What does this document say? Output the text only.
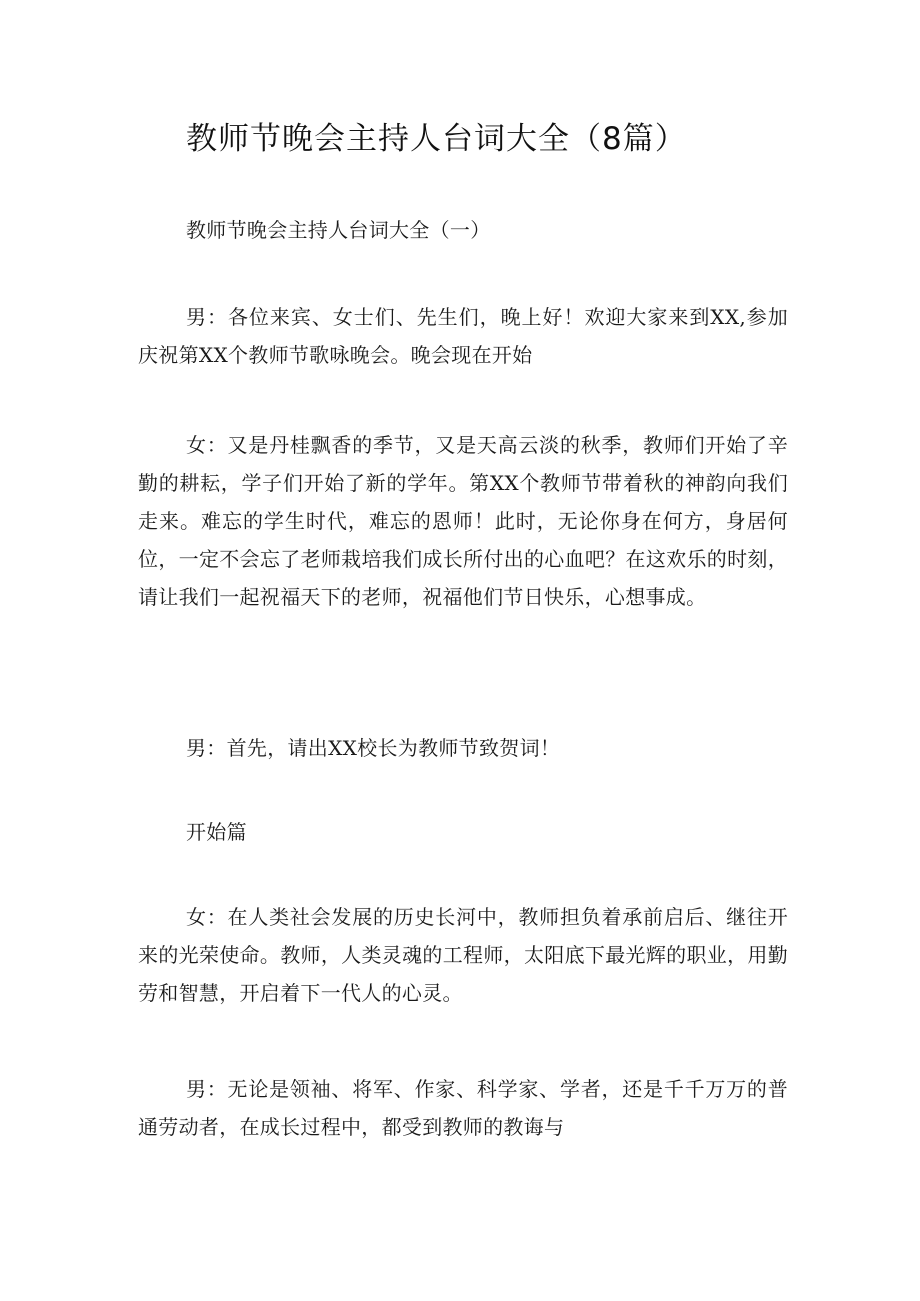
教师节晚会主持人台词大全（8篇）

教师节晚会主持人台词大全（一）

男：各位来宾、女士们、先生们，晚上好！欢迎大家来到XX,参加庆祝第XX个教师节歌咏晚会。晚会现在开始

女：又是丹桂飘香的季节，又是天高云淡的秋季，教师们开始了辛勤的耕耘，学子们开始了新的学年。第XX个教师节带着秋的神韵向我们走来。难忘的学生时代，难忘的恩师！此时，无论你身在何方，身居何位，一定不会忘了老师栽培我们成长所付出的心血吧？在这欢乐的时刻，请让我们一起祝福天下的老师，祝福他们节日快乐，心想事成。

男：首先，请出XX校长为教师节致贺词！

开始篇

女：在人类社会发展的历史长河中，教师担负着承前启后、继往开来的光荣使命。教师，人类灵魂的工程师，太阳底下最光辉的职业，用勤劳和智慧，开启着下一代人的心灵。

男：无论是领袖、将军、作家、科学家、学者，还是千千万万的普通劳动者，在成长过程中，都受到教师的教诲与
